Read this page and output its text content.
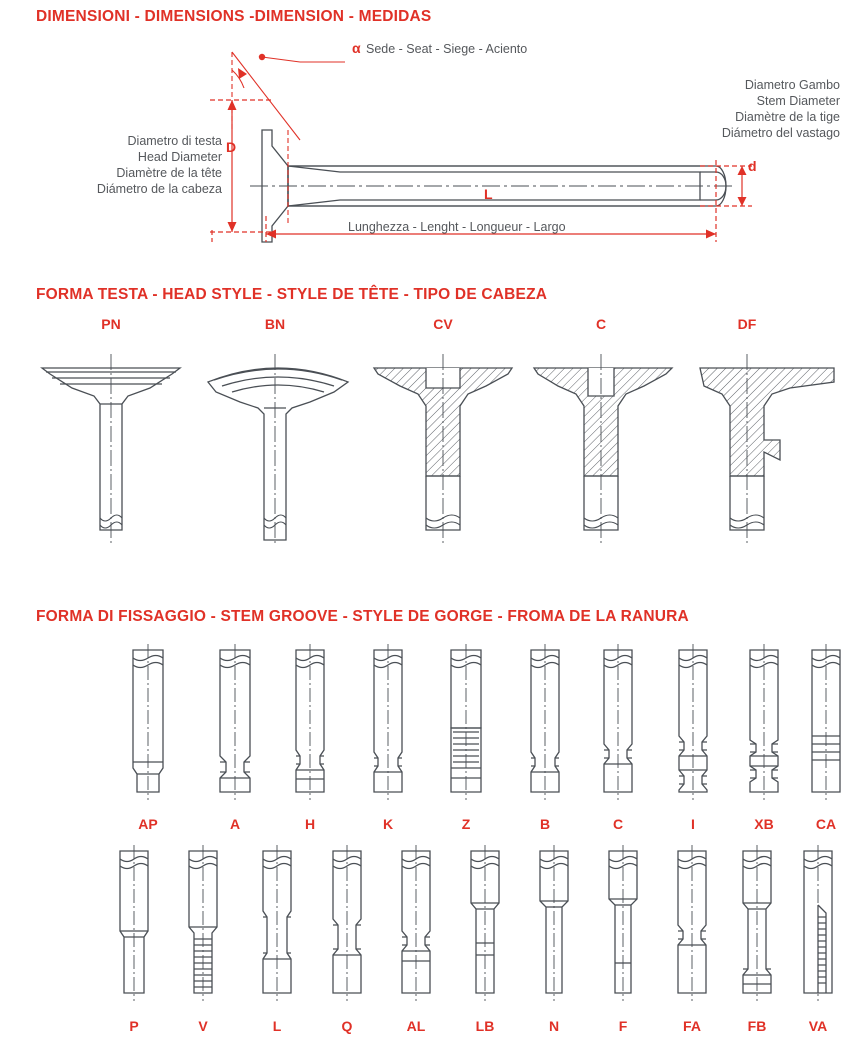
DIMENSIONI - DIMENSIONS -DIMENSION - MEDIDAS
α Sede - Seat - Siege - Aciento
Diametro Gambo
Stem Diameter
Diamètre de la tige
Diámetro del vastago
Diametro di testa
Head Diameter
Diamètre de la tête
Diámetro de la cabeza
D
d
L
Lunghezza - Lenght - Longueur - Largo
FORMA TESTA - HEAD STYLE - STYLE DE TÊTE - TIPO DE CABEZA
PN	BN	CV	C	DF
FORMA DI FISSAGGIO - STEM GROOVE - STYLE DE GORGE - FROMA DE LA RANURA
AP	A	H	K	Z	B	C	I	XB	CA
P	V	L	Q	AL	LB	N	F	FA	FB	VA
